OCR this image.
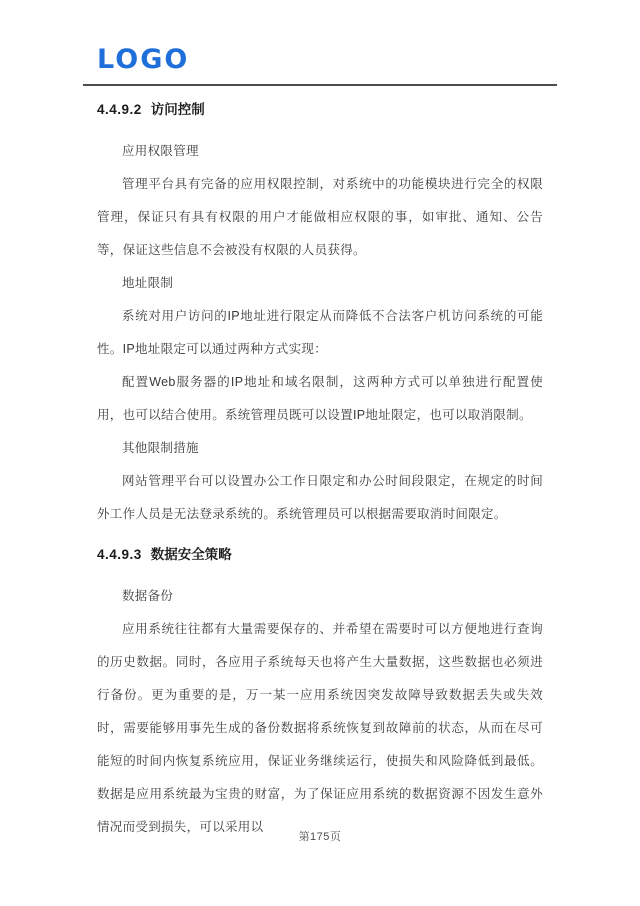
LOGO
4.4.9.2 访问控制

应用权限管理

管理平台具有完备的应用权限控制，对系统中的功能模块进行完全的权限管理，保证只有具有权限的用户才能做相应权限的事，如审批、通知、公告等，保证这些信息不会被没有权限的人员获得。

地址限制

系统对用户访问的IP地址进行限定从而降低不合法客户机访问系统的可能性。IP地址限定可以通过两种方式实现：

配置Web服务器的IP地址和域名限制，这两种方式可以单独进行配置使用，也可以结合使用。系统管理员既可以设置IP地址限定，也可以取消限制。

其他限制措施

网站管理平台可以设置办公工作日限定和办公时间段限定，在规定的时间外工作人员是无法登录系统的。系统管理员可以根据需要取消时间限定。

4.4.9.3 数据安全策略

数据备份

应用系统往往都有大量需要保存的、并希望在需要时可以方便地进行查询的历史数据。同时，各应用子系统每天也将产生大量数据，这些数据也必须进行备份。更为重要的是，万一某一应用系统因突发故障导致数据丢失或失效时，需要能够用事先生成的备份数据将系统恢复到故障前的状态，从而在尽可能短的时间内恢复系统应用，保证业务继续运行，使损失和风险降低到最低。数据是应用系统最为宝贵的财富，为了保证应用系统的数据资源不因发生意外情况而受到损失，可以采用以

第175页
